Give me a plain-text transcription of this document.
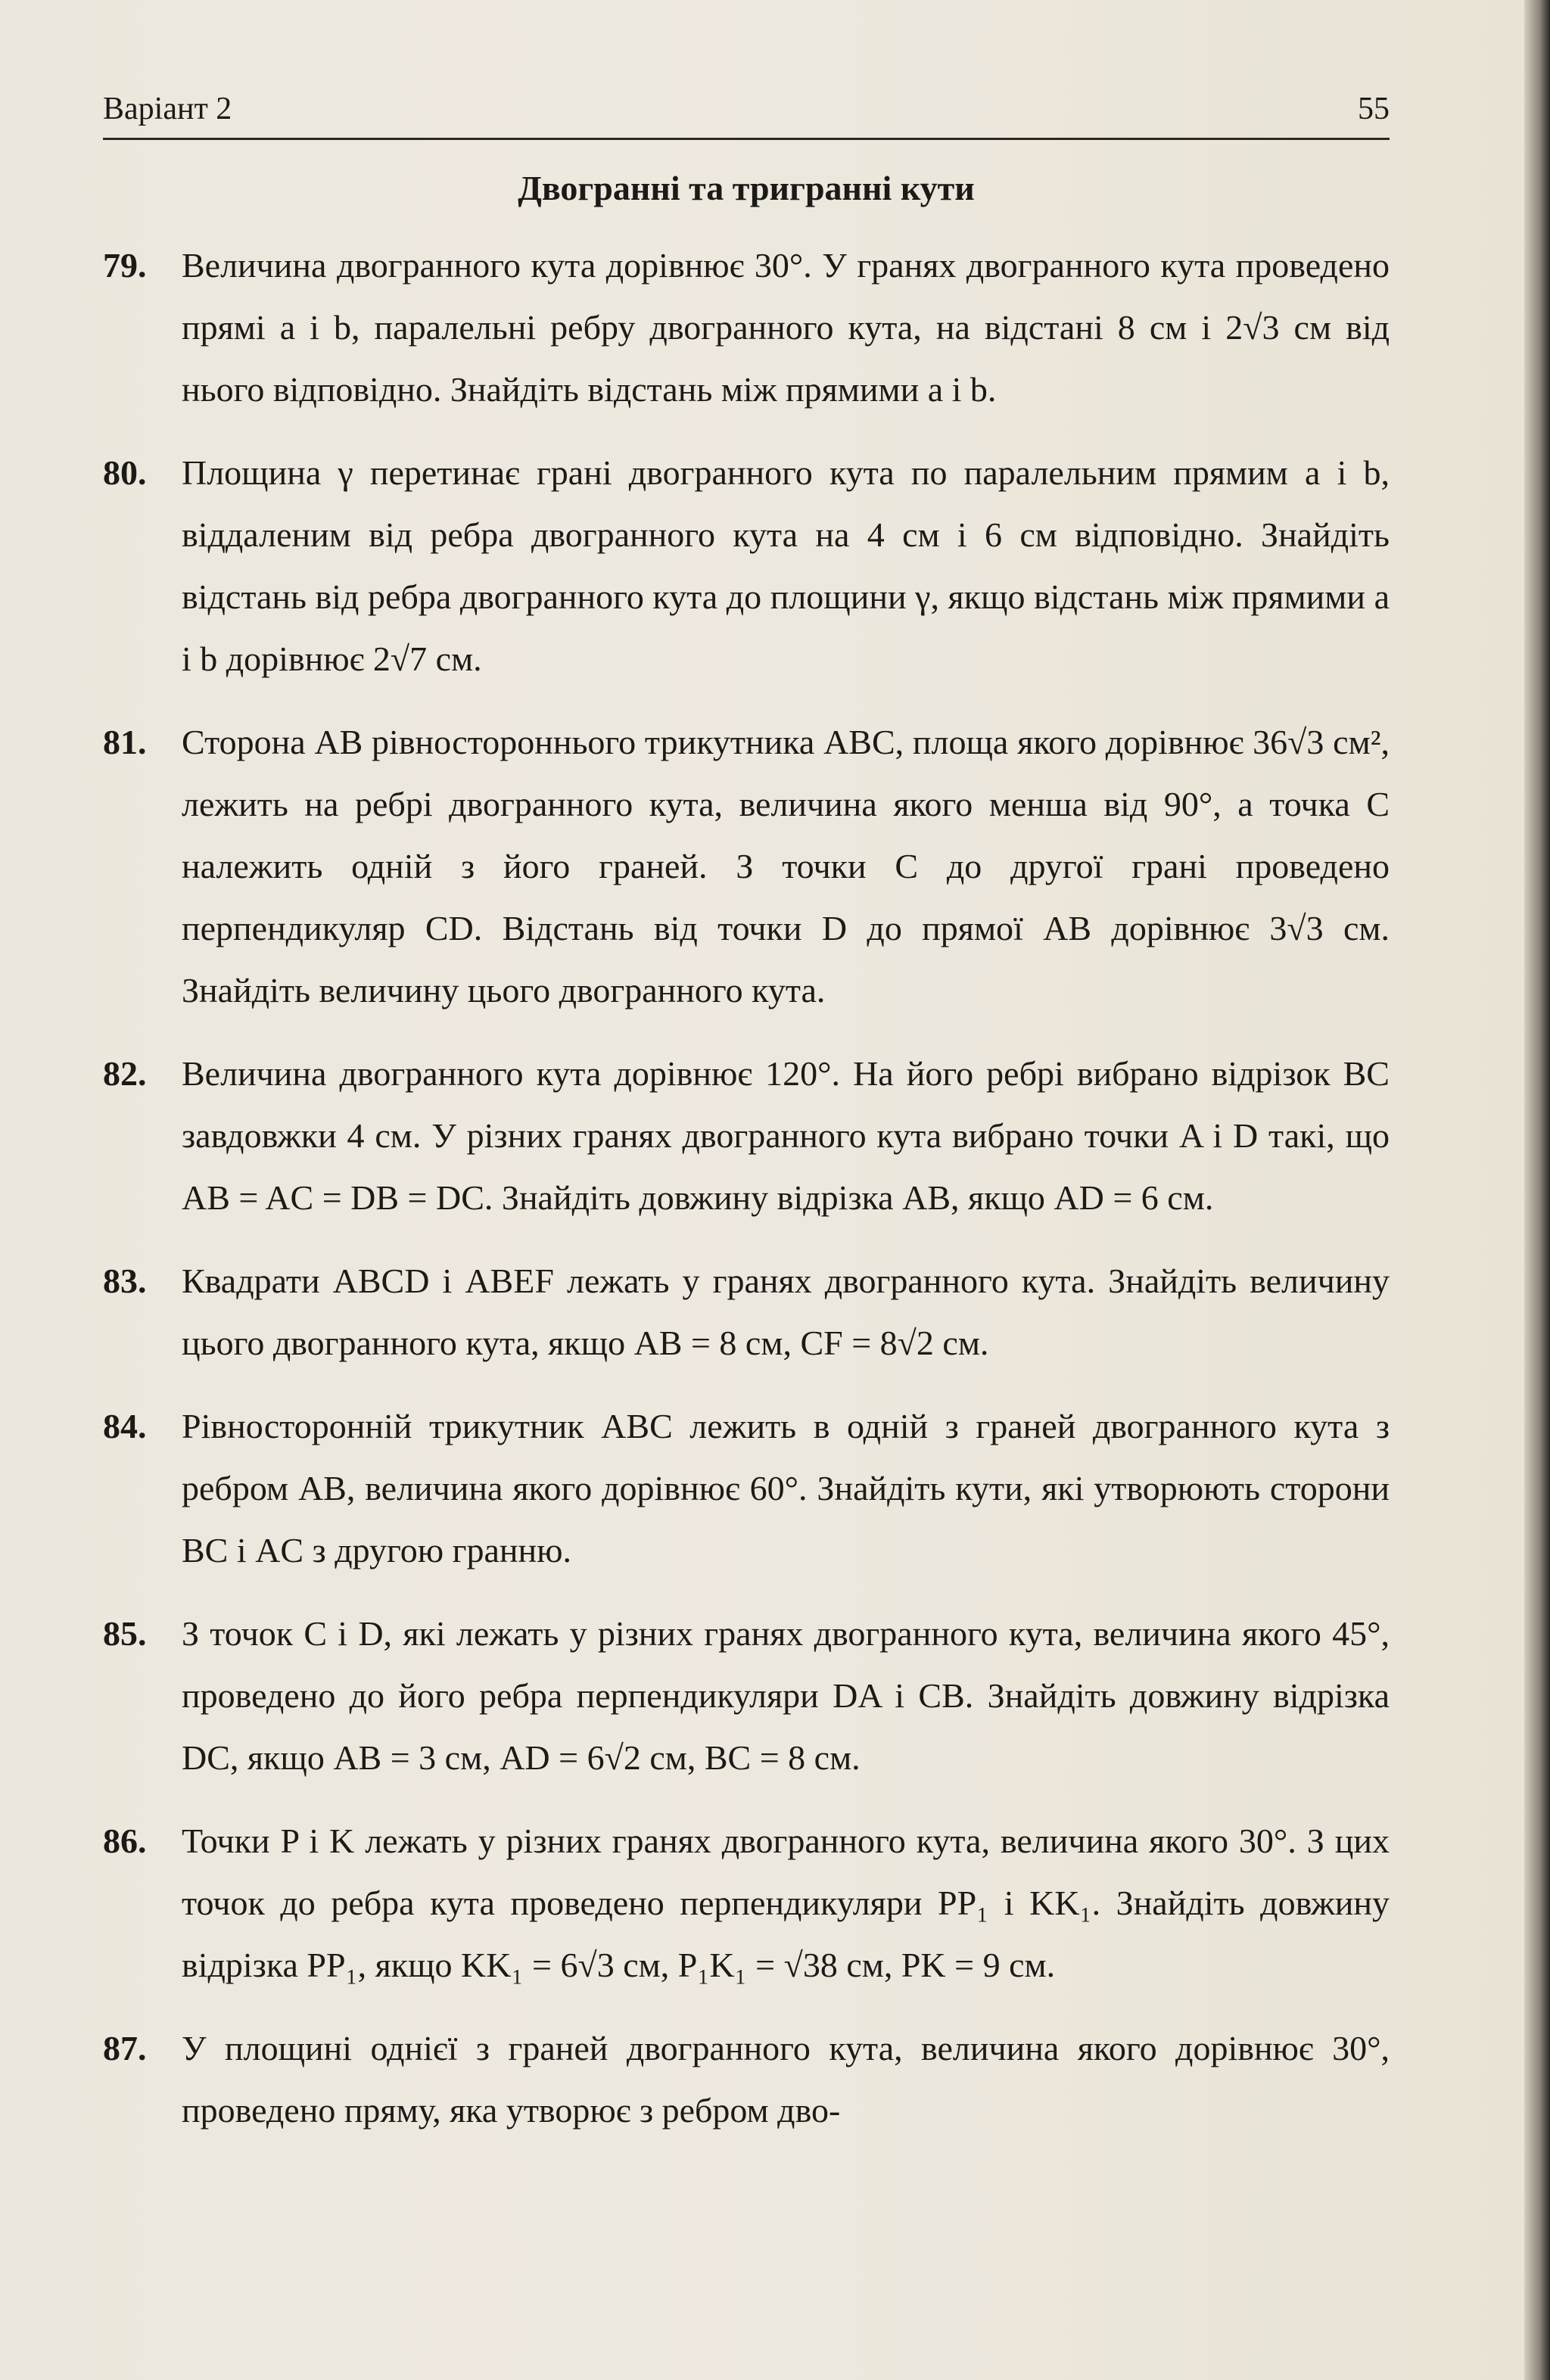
Варіант 2	55
Двогранні та тригранні кути
79. Величина двогранного кута дорівнює 30°. У гранях двогранного кута проведено прямі a і b, паралельні ребру двогранного кута, на відстані 8 см і 2√3 см від нього відповідно. Знайдіть відстань між прямими a і b.
80. Площина γ перетинає грані двогранного кута по паралельним прямим a і b, віддаленим від ребра двогранного кута на 4 см і 6 см відповідно. Знайдіть відстань від ребра двогранного кута до площини γ, якщо відстань між прямими a і b дорівнює 2√7 см.
81. Сторона AB рівностороннього трикутника ABC, площа якого дорівнює 36√3 см², лежить на ребрі двогранного кута, величина якого менша від 90°, а точка C належить одній з його граней. З точки C до другої грані проведено перпендикуляр CD. Відстань від точки D до прямої AB дорівнює 3√3 см. Знайдіть величину цього двогранного кута.
82. Величина двогранного кута дорівнює 120°. На його ребрі вибрано відрізок BC завдовжки 4 см. У різних гранях двогранного кута вибрано точки A і D такі, що AB = AC = DB = DC. Знайдіть довжину відрізка AB, якщо AD = 6 см.
83. Квадрати ABCD і ABEF лежать у гранях двогранного кута. Знайдіть величину цього двогранного кута, якщо AB = 8 см, CF = 8√2 см.
84. Рівносторонній трикутник ABC лежить в одній з граней двогранного кута з ребром AB, величина якого дорівнює 60°. Знайдіть кути, які утворюють сторони BC і AC з другою гранню.
85. З точок C і D, які лежать у різних гранях двогранного кута, величина якого 45°, проведено до його ребра перпендикуляри DA і CB. Знайдіть довжину відрізка DC, якщо AB = 3 см, AD = 6√2 см, BC = 8 см.
86. Точки P і K лежать у різних гранях двогранного кута, величина якого 30°. З цих точок до ребра кута проведено перпендикуляри PP₁ і KK₁. Знайдіть довжину відрізка PP₁, якщо KK₁ = 6√3 см, P₁K₁ = √38 см, PK = 9 см.
87. У площині однієї з граней двогранного кута, величина якого дорівнює 30°, проведено пряму, яка утворює з ребром дво-
